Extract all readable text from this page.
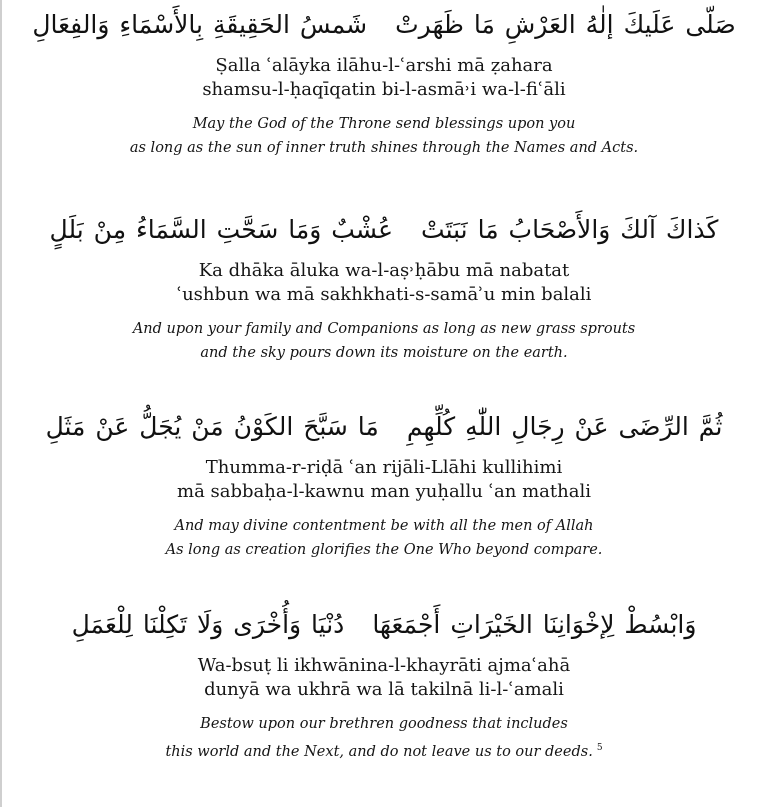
صَلّى عَلَيكَ إلٰهُ العَرْشِ مَا ظَهَرتْشَمسُ الحَقِيقَةِ بِالأَسْمَاءِ وَالفِعَالِ
Ṣalla ʿalāyka ilāhu-l-ʿarshi mā ẓahara
shamsu-l-ḥaqīqatin bi-l-asmā˒i wa-l-fiʿāli
May the God of the Throne send blessings upon you
as long as the sun of inner truth shines through the Names and Acts.
كَذاكَ آلكَ وَالأَصْحَابُ مَا نَبَتَتْعُشْبٌ وَمَا سَحَّتِ السَّمَاءُ مِنْ بَلَلٍ
Ka dhāka āluka wa-l-aṣ˒ḥābu mā nabatat
ʿushbun wa mā sakhkhati-s-samāʾu min balali
And upon your family and Companions as long as new grass sprouts
and the sky pours down its moisture on the earth.
ثُمَّ الرِّضَى عَنْ رِجَالِ اللّٰهِ كُلِّهِمِمَا سَبَّحَ الكَوْنُ مَنْ يُجَلُّ عَنْ مَثَلِ
Thumma-r-riḍā ʿan rijāli-Llāhi kullihimi
mā sabbaḥa-l-kawnu man yuḥallu ʿan mathali
And may divine contentment be with all the men of Allah
As long as creation glorifies the One Who beyond compare.
وَابْسُطْ لِإخْوَانِنَا الخَيْرَاتِ أَجْمَعَهَادُنْيَا وَأُخْرَى وَلَا تَكِلْنَا لِلْعَمَلِ
Wa-bsuṭ li ikhwānina-l-khayrāti ajmaʿahā
dunyā wa ukhrā wa lā takilnā li-l-ʿamali
Bestow upon our brethren goodness that includes
this world and the Next, and do not leave us to our deeds. $^5$
